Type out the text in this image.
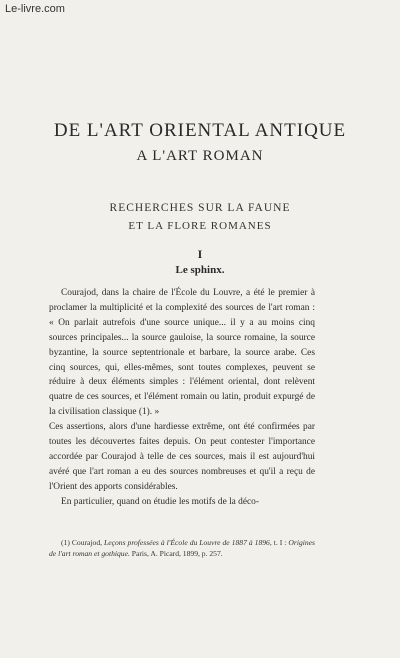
Le-livre.com
DE L'ART ORIENTAL ANTIQUE
A L'ART ROMAN
RECHERCHES SUR LA FAUNE
ET LA FLORE ROMANES
I
Le sphinx.

Courajod, dans la chaire de l'École du Louvre, a été le premier à proclamer la multiplicité et la complexité des sources de l'art roman : « On parlait autrefois d'une source unique... il y a au moins cinq sources principales... la source gauloise, la source romaine, la source byzantine, la source septentrionale et barbare, la source arabe. Ces cinq sources, qui, elles-mêmes, sont toutes complexes, peuvent se réduire à deux éléments simples : l'élément oriental, dont relèvent quatre de ces sources, et l'élément romain ou latin, produit expurgé de la civilisation classique (1). »

Ces assertions, alors d'une hardiesse extrême, ont été confirmées par toutes les découvertes faites depuis. On peut contester l'importance accordée par Courajod à telle de ces sources, mais il est aujourd'hui avéré que l'art roman a eu des sources nombreuses et qu'il a reçu de l'Orient des apports considérables.

En particulier, quand on étudie les motifs de la déco-

(1) Courajod, Leçons professées à l'École du Louvre de 1887 à 1896, t. I : Origines de l'art roman et gothique. Paris, A. Picard, 1899, p. 257.
